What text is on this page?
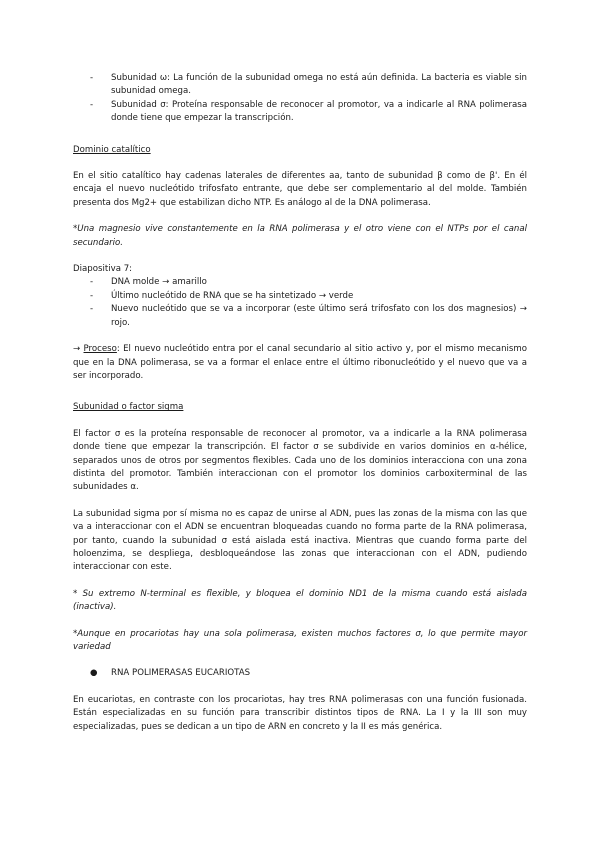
- Subunidad ω: La función de la subunidad omega no está aún definida. La bacteria es viable sin subunidad omega.
- Subunidad σ: Proteína responsable de reconocer al promotor, va a indicarle al RNA polimerasa donde tiene que empezar la transcripción.
Dominio catalítico
En el sitio catalítico hay cadenas laterales de diferentes aa, tanto de subunidad β como de β'. En él encaja el nuevo nucleótido trifosfato entrante, que debe ser complementario al del molde. También presenta dos Mg2+ que estabilizan dicho NTP. Es análogo al de la DNA polimerasa.
*Una magnesio vive constantemente en la RNA polimerasa y el otro viene con el NTPs por el canal secundario.
Diapositiva 7:
- DNA molde → amarillo
- Último nucleótido de RNA que se ha sintetizado → verde
- Nuevo nucleótido que se va a incorporar (este último será trifosfato con los dos magnesios) → rojo.
→ Proceso: El nuevo nucleótido entra por el canal secundario al sitio activo y, por el mismo mecanismo que en la DNA polimerasa, se va a formar el enlace entre el último ribonucleótido y el nuevo que va a ser incorporado.
Subunidad o factor sigma
El factor σ es la proteína responsable de reconocer al promotor, va a indicarle a la RNA polimerasa donde tiene que empezar la transcripción. El factor σ se subdivide en varios dominios en α-hélice, separados unos de otros por segmentos flexibles. Cada uno de los dominios interacciona con una zona distinta del promotor. También interaccionan con el promotor los dominios carboxiterminal de las subunidades α.
La subunidad sigma por sí misma no es capaz de unirse al ADN, pues las zonas de la misma con las que va a interaccionar con el ADN se encuentran bloqueadas cuando no forma parte de la RNA polimerasa, por tanto, cuando la subunidad σ está aislada está inactiva. Mientras que cuando forma parte del holoenzima, se despliega, desbloqueándose las zonas que interaccionan con el ADN, pudiendo interaccionar con este.
* Su extremo N-terminal es flexible, y bloquea el dominio ND1 de la misma cuando está aislada (inactiva).
*Aunque en procariotas hay una sola polimerasa, existen muchos factores σ, lo que permite mayor variedad
● RNA POLIMERASAS EUCARIOTAS
En eucariotas, en contraste con los procariotas, hay tres RNA polimerasas con una función fusionada. Están especializadas en su función para transcribir distintos tipos de RNA. La I y la III son muy especializadas, pues se dedican a un tipo de ARN en concreto y la II es más genérica.
